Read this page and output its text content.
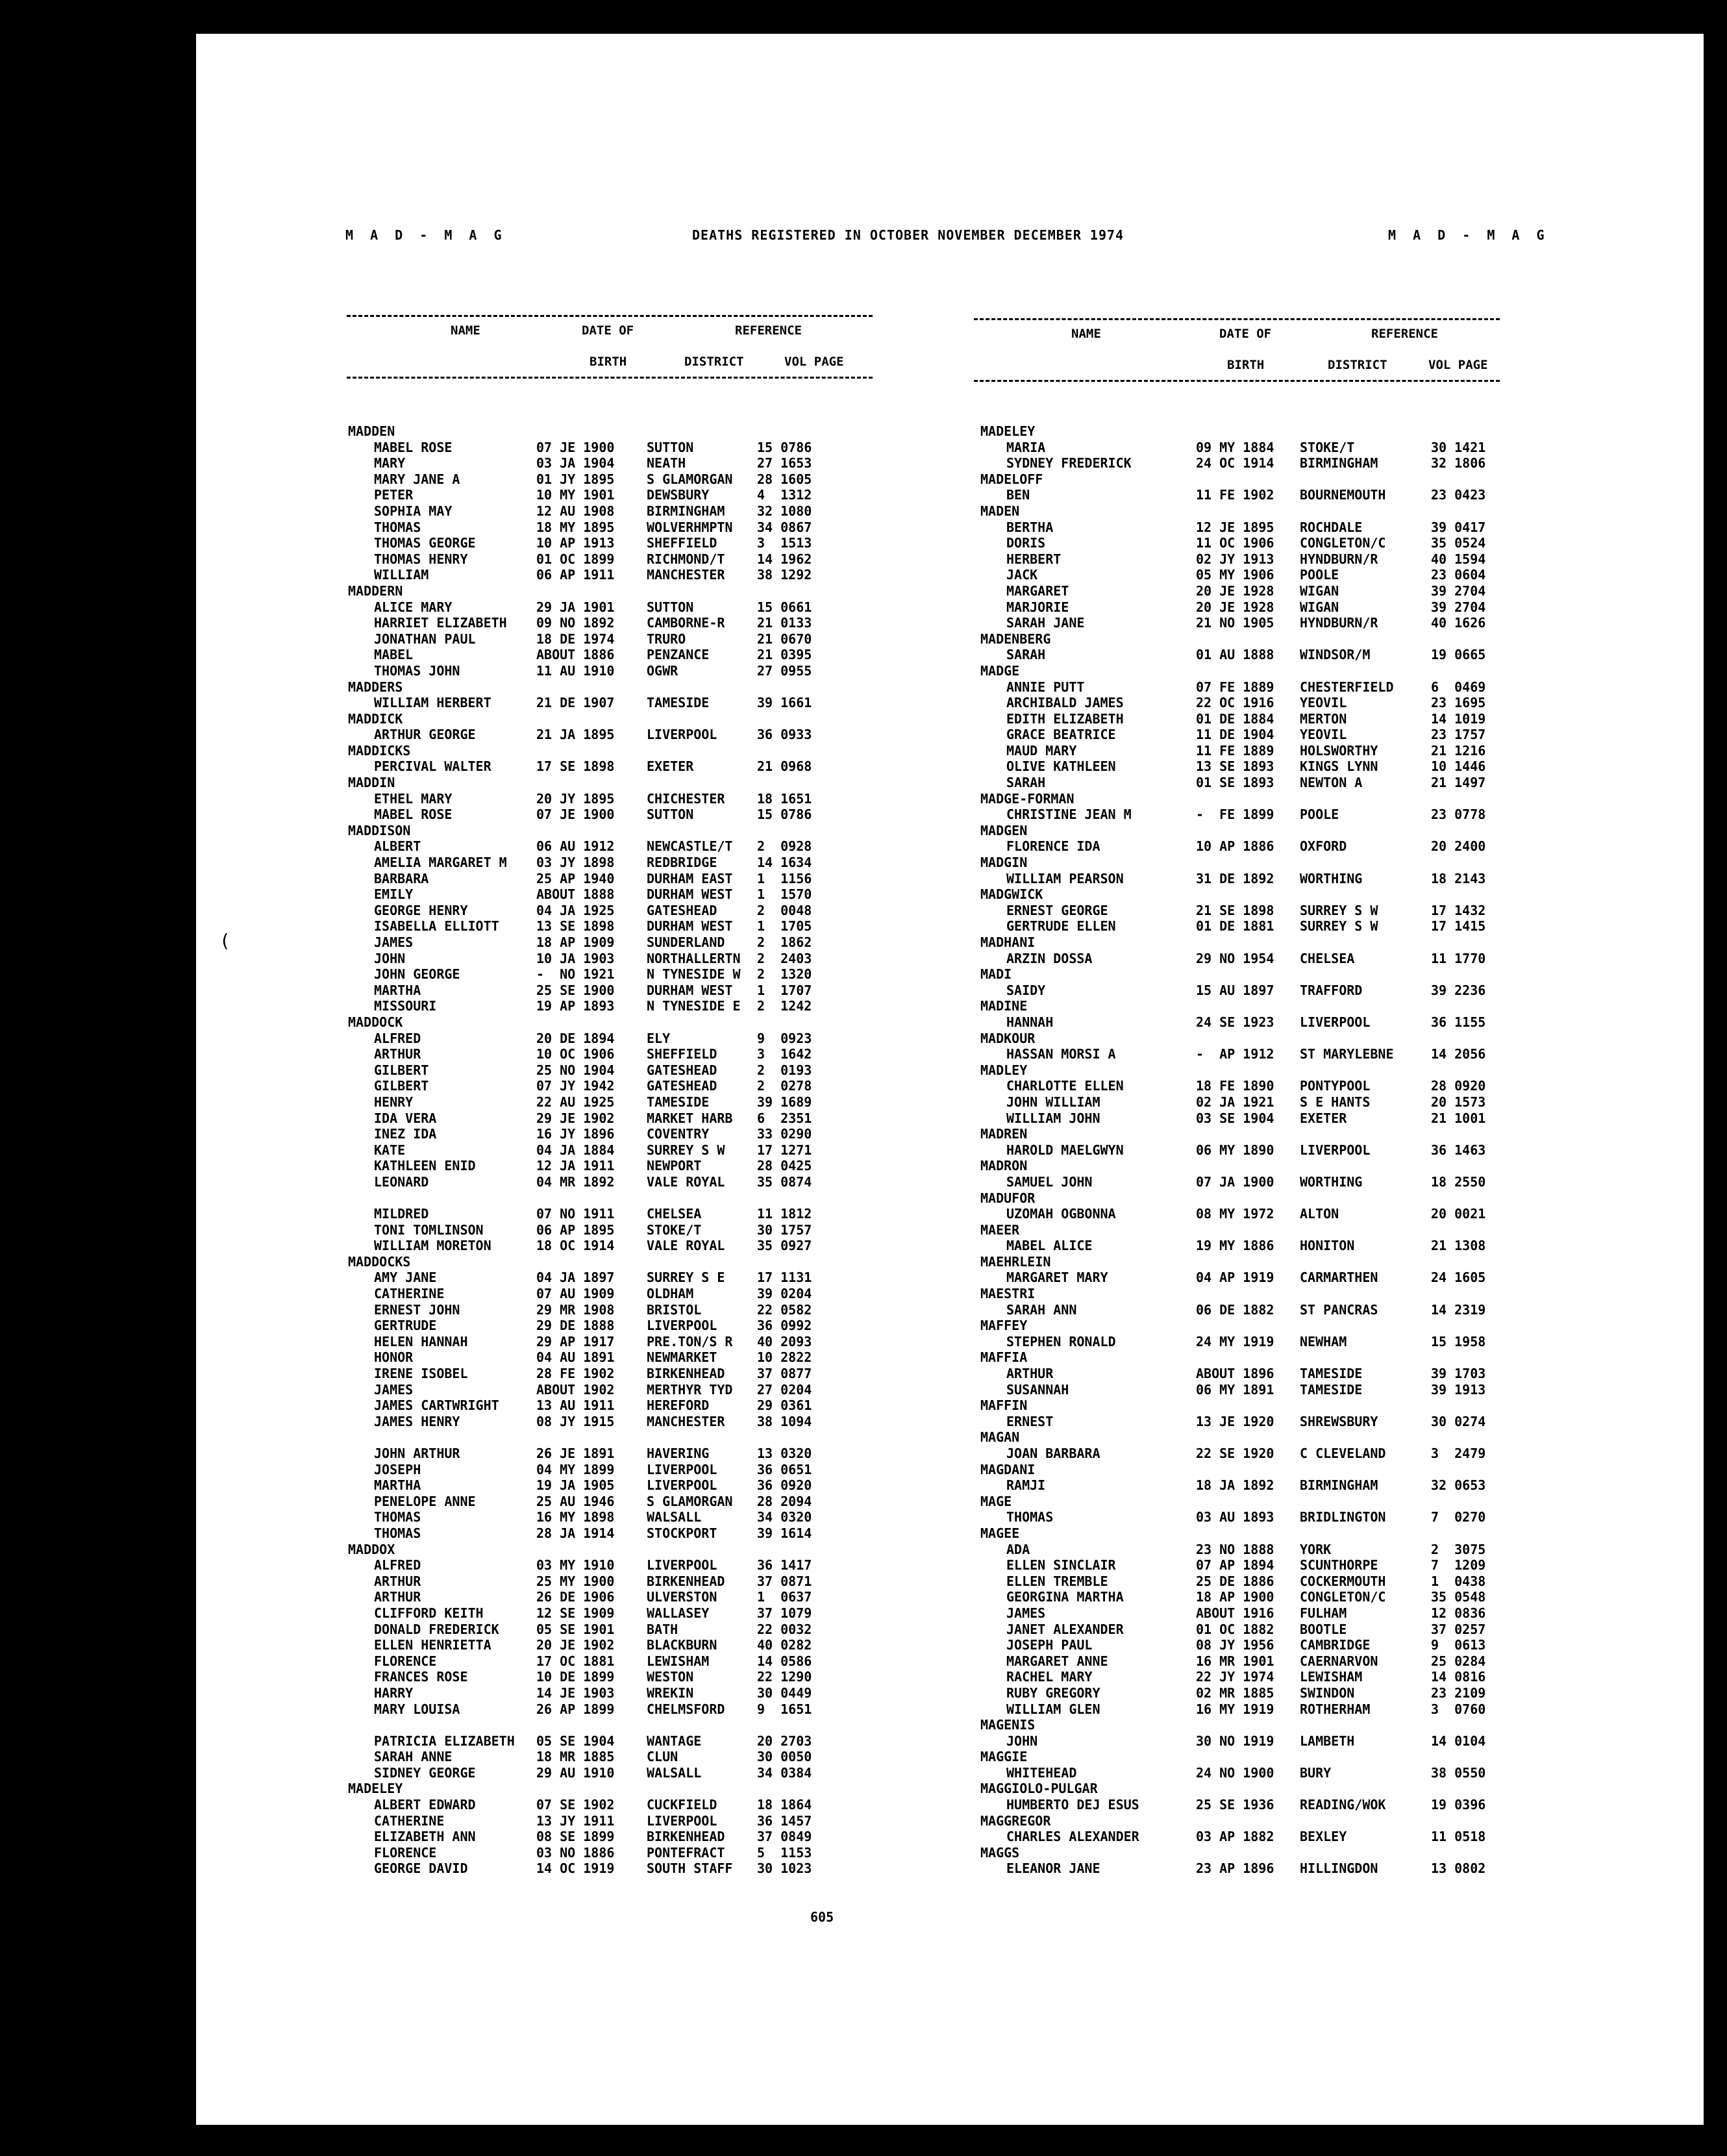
M A D - M A G	DEATHS REGISTERED IN OCTOBER NOVEMBER DECEMBER 1974	M A D - M A G
NAME	DATE OF	REFERENCE
BIRTH	DISTRICT	VOL PAGE
NAME	DATE OF	REFERENCE
BIRTH	DISTRICT	VOL PAGE
MADDEN
MABEL ROSE	07 JE 1900 SUTTON	15 0786
MARY	03 JA 1904 NEATH	27 1653
MARY JANE A	01 JY 1895 S GLAMORGAN 28 1605
PETER	10 MY 1901 DEWSBURY	4  1312
SOPHIA MAY	12 AU 1908 BIRMINGHAM 32 1080
THOMAS	18 MY 1895 WOLVERHMPTN 34 0867
THOMAS GEORGE	10 AP 1913 SHEFFIELD	3  1513
THOMAS HENRY	01 OC 1899 RICHMOND/T 14 1962
WILLIAM	06 AP 1911 MANCHESTER 38 1292
MADDERN
ALICE MARY	29 JA 1901 SUTTON	15 0661
HARRIET ELIZABETH 09 NO 1892 CAMBORNE-R 21 0133
JONATHAN PAUL	18 DE 1974 TRURO	21 0670
MABEL	ABOUT 1886 PENZANCE	21 0395
THOMAS JOHN	11 AU 1910 OGWR	27 0955
MADDERS
WILLIAM HERBERT	21 DE 1907 TAMESIDE	39 1661
MADDICK
ARTHUR GEORGE	21 JA 1895 LIVERPOOL	36 0933
MADDICKS
PERCIVAL WALTER	17 SE 1898 EXETER	21 0968
MADDIN
ETHEL MARY	20 JY 1895 CHICHESTER 18 1651
MABEL ROSE	07 JE 1900 SUTTON	15 0786
MADDISON
ALBERT	06 AU 1912 NEWCASTLE/T 2  0928
AMELIA MARGARET M 03 JY 1898 REDBRIDGE	14 1634
BARBARA	25 AP 1940 DURHAM EAST 1  1156
EMILY	ABOUT 1888 DURHAM WEST 1  1570
GEORGE HENRY	04 JA 1925 GATESHEAD	2  0048
ISABELLA ELLIOTT	13 SE 1898 DURHAM WEST 1  1705
JAMES	18 AP 1909 SUNDERLAND 2  1862
JOHN	10 JA 1903 NORTHALLERTN 2  2403
JOHN GEORGE	-  NO 1921 N TYNESIDE W 2  1320
MARTHA	25 SE 1900 DURHAM WEST 1  1707
MISSOURI	19 AP 1893 N TYNESIDE E 2  1242
MADDOCK
ALFRED	20 DE 1894 ELY	9  0923
ARTHUR	10 OC 1906 SHEFFIELD	3  1642
GILBERT	25 NO 1904 GATESHEAD	2  0193
GILBERT	07 JY 1942 GATESHEAD	2  0278
HENRY	22 AU 1925 TAMESIDE	39 1689
IDA VERA	29 JE 1902 MARKET HARB 6  2351
INEZ IDA	16 JY 1896 COVENTRY	33 0290
KATE	04 JA 1884 SURREY S W 17 1271
KATHLEEN ENID	12 JA 1911 NEWPORT	28 0425
LEONARD	04 MR 1892 VALE ROYAL 35 0874
MILDRED	07 NO 1911 CHELSEA	11 1812
TONI TOMLINSON	06 AP 1895 STOKE/T	30 1757
WILLIAM MORETON	18 OC 1914 VALE ROYAL 35 0927
MADDOCKS
AMY JANE	04 JA 1897 SURREY S E 17 1131
CATHERINE	07 AU 1909 OLDHAM	39 0204
ERNEST JOHN	29 MR 1908 BRISTOL	22 0582
GERTRUDE	29 DE 1888 LIVERPOOL	36 0992
HELEN HANNAH	29 AP 1917 PRE.TON/S R 40 2093
HONOR	04 AU 1891 NEWMARKET	10 2822
IRENE ISOBEL	28 FE 1902 BIRKENHEAD 37 0877
JAMES	ABOUT 1902 MERTHYR TYD 27 0204
JAMES CARTWRIGHT	13 AU 1911 HEREFORD	29 0361
JAMES HENRY	08 JY 1915 MANCHESTER 38 1094
JOHN ARTHUR	26 JE 1891 HAVERING	13 0320
JOSEPH	04 MY 1899 LIVERPOOL	36 0651
MARTHA	19 JA 1905 LIVERPOOL	36 0920
PENELOPE ANNE	25 AU 1946 S GLAMORGAN 28 2094
THOMAS	16 MY 1898 WALSALL	34 0320
THOMAS	28 JA 1914 STOCKPORT	39 1614
MADDOX
ALFRED	03 MY 1910 LIVERPOOL	36 1417
ARTHUR	25 MY 1900 BIRKENHEAD 37 0871
ARTHUR	26 DE 1906 ULVERSTON	1  0637
CLIFFORD KEITH	12 SE 1909 WALLASEY	37 1079
DONALD FREDERICK	05 SE 1901 BATH	22 0032
ELLEN HENRIETTA	20 JE 1902 BLACKBURN	40 0282
FLORENCE	17 OC 1881 LEWISHAM	14 0586
FRANCES ROSE	10 DE 1899 WESTON	22 1290
HARRY	14 JE 1903 WREKIN	30 0449
MARY LOUISA	26 AP 1899 CHELMSFORD 9  1651
PATRICIA ELIZABETH 05 SE 1904 WANTAGE	20 2703
SARAH ANNE	18 MR 1885 CLUN	30 0050
SIDNEY GEORGE	29 AU 1910 WALSALL	34 0384
MADELEY
ALBERT EDWARD	07 SE 1902 CUCKFIELD	18 1864
CATHERINE	13 JY 1911 LIVERPOOL	36 1457
ELIZABETH ANN	08 SE 1899 BIRKENHEAD 37 0849
FLORENCE	03 NO 1886 PONTEFRACT 5  1153
GEORGE DAVID	14 OC 1919 SOUTH STAFF 30 1023
MADELEY
MARIA	09 MY 1884 STOKE/T	30 1421
SYDNEY FREDERICK	24 OC 1914 BIRMINGHAM	32 1806
MADELOFF
BEN	11 FE 1902 BOURNEMOUTH	23 0423
MADEN
BERTHA	12 JE 1895 ROCHDALE	39 0417
DORIS	11 OC 1906 CONGLETON/C	35 0524
HERBERT	02 JY 1913 HYNDBURN/R	40 1594
JACK	05 MY 1906 POOLE	23 0604
MARGARET	20 JE 1928 WIGAN	39 2704
MARJORIE	20 JE 1928 WIGAN	39 2704
SARAH JANE	21 NO 1905 HYNDBURN/R	40 1626
MADENBERG
SARAH	01 AU 1888 WINDSOR/M	19 0665
MADGE
ANNIE PUTT	07 FE 1889 CHESTERFIELD	6  0469
ARCHIBALD JAMES	22 OC 1916 YEOVIL	23 1695
EDITH ELIZABETH	01 DE 1884 MERTON	14 1019
GRACE BEATRICE	11 DE 1904 YEOVIL	23 1757
MAUD MARY	11 FE 1889 HOLSWORTHY	21 1216
OLIVE KATHLEEN	13 SE 1893 KINGS LYNN	10 1446
SARAH	01 SE 1893 NEWTON A	21 1497
MADGE-FORMAN
CHRISTINE JEAN M	-  FE 1899 POOLE	23 0778
MADGEN
FLORENCE IDA	10 AP 1886 OXFORD	20 2400
MADGIN
WILLIAM PEARSON	31 DE 1892 WORTHING	18 2143
MADGWICK
ERNEST GEORGE	21 SE 1898 SURREY S W	17 1432
GERTRUDE ELLEN	01 DE 1881 SURREY S W	17 1415
MADHANI
ARZIN DOSSA	29 NO 1954 CHELSEA	11 1770
MADI
SAIDY	15 AU 1897 TRAFFORD	39 2236
MADINE
HANNAH	24 SE 1923 LIVERPOOL	36 1155
MADKOUR
HASSAN MORSI A	-  AP 1912 ST MARYLEBNE	14 2056
MADLEY
CHARLOTTE ELLEN	18 FE 1890 PONTYPOOL	28 0920
JOHN WILLIAM	02 JA 1921 S E HANTS	20 1573
WILLIAM JOHN	03 SE 1904 EXETER	21 1001
MADREN
HAROLD MAELGWYN	06 MY 1890 LIVERPOOL	36 1463
MADRON
SAMUEL JOHN	07 JA 1900 WORTHING	18 2550
MADUFOR
UZOMAH OGBONNA	08 MY 1972 ALTON	20 0021
MAEER
MABEL ALICE	19 MY 1886 HONITON	21 1308
MAEHRLEIN
MARGARET MARY	04 AP 1919 CARMARTHEN	24 1605
MAESTRI
SARAH ANN	06 DE 1882 ST PANCRAS	14 2319
MAFFEY
STEPHEN RONALD	24 MY 1919 NEWHAM	15 1958
MAFFIA
ARTHUR	ABOUT 1896 TAMESIDE	39 1703
SUSANNAH	06 MY 1891 TAMESIDE	39 1913
MAFFIN
ERNEST	13 JE 1920 SHREWSBURY	30 0274
MAGAN
JOAN BARBARA	22 SE 1920 C CLEVELAND	3  2479
MAGDANI
RAMJI	18 JA 1892 BIRMINGHAM	32 0653
MAGE
THOMAS	03 AU 1893 BRIDLINGTON	7  0270
MAGEE
ADA	23 NO 1888 YORK	2  3075
ELLEN SINCLAIR	07 AP 1894 SCUNTHORPE	7  1209
ELLEN TREMBLE	25 DE 1886 COCKERMOUTH	1  0438
GEORGINA MARTHA	18 AP 1900 CONGLETON/C	35 0548
JAMES	ABOUT 1916 FULHAM	12 0836
JANET ALEXANDER	01 OC 1882 BOOTLE	37 0257
JOSEPH PAUL	08 JY 1956 CAMBRIDGE	9  0613
MARGARET ANNE	16 MR 1901 CAERNARVON	25 0284
RACHEL MARY	22 JY 1974 LEWISHAM	14 0816
RUBY GREGORY	02 MR 1885 SWINDON	23 2109
WILLIAM GLEN	16 MY 1919 ROTHERHAM	3  0760
MAGENIS
JOHN	30 NO 1919 LAMBETH	14 0104
MAGGIE
WHITEHEAD	24 NO 1900 BURY	38 0550
MAGGIOLO-PULGAR
HUMBERTO DEJ ESUS	25 SE 1936 READING/WOK	19 0396
MAGGREGOR
CHARLES ALEXANDER	03 AP 1882 BEXLEY	11 0518
MAGGS
ELEANOR JANE	23 AP 1896 HILLINGDON	13 0802
605
(
